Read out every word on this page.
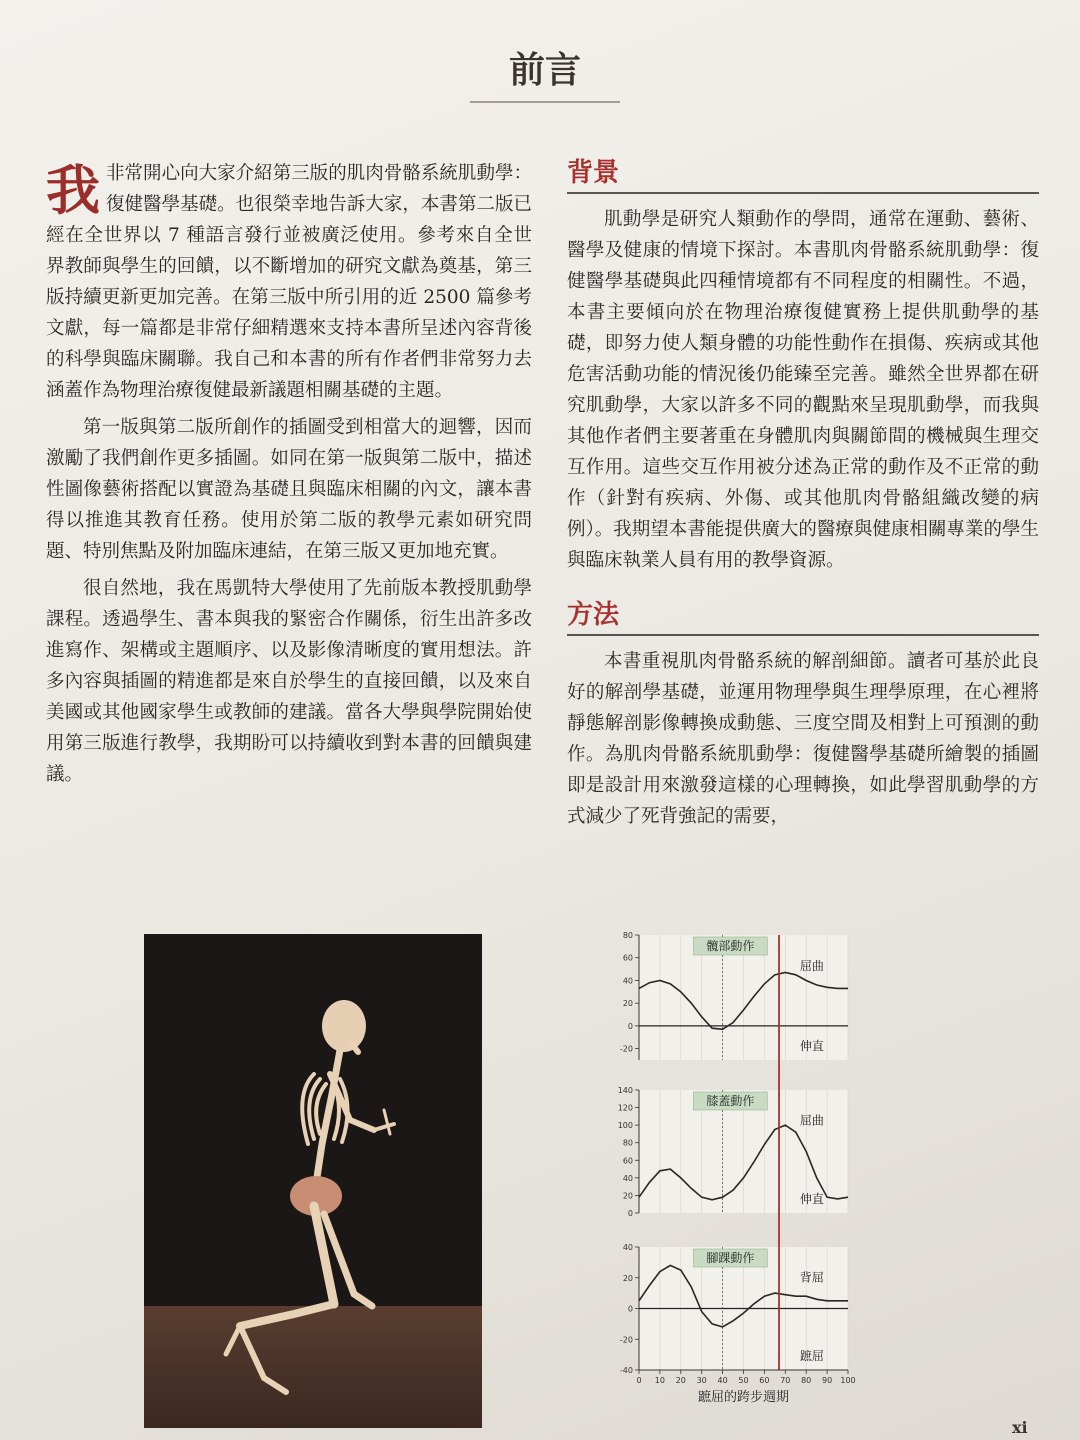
前言

我 非常開心向大家介紹第三版的肌肉骨骼系統肌動學：復健醫學基礎。也很榮幸地告訴大家，本書第二版已經在全世界以 7 種語言發行並被廣泛使用。參考來自全世界教師與學生的回饋，以不斷增加的研究文獻為奠基，第三版持續更新更加完善。在第三版中所引用的近 2500 篇參考文獻，每一篇都是非常仔細精選來支持本書所呈述內容背後的科學與臨床關聯。我自己和本書的所有作者們非常努力去涵蓋作為物理治療復健最新議題相關基礎的主題。

第一版與第二版所創作的插圖受到相當大的迴響，因而激勵了我們創作更多插圖。如同在第一版與第二版中，描述性圖像藝術搭配以實證為基礎且與臨床相關的內文，讓本書得以推進其教育任務。使用於第二版的教學元素如研究問題、特別焦點及附加臨床連結，在第三版又更加地充實。

很自然地，我在馬凱特大學使用了先前版本教授肌動學課程。透過學生、書本與我的緊密合作關係，衍生出許多改進寫作、架構或主題順序、以及影像清晰度的實用想法。許多內容與插圖的精進都是來自於學生的直接回饋，以及來自美國或其他國家學生或教師的建議。當各大學與學院開始使用第三版進行教學，我期盼可以持續收到對本書的回饋與建議。

背景

肌動學是研究人類動作的學問，通常在運動、藝術、醫學及健康的情境下探討。本書肌肉骨骼系統肌動學：復健醫學基礎與此四種情境都有不同程度的相關性。不過，本書主要傾向於在物理治療復健實務上提供肌動學的基礎，即努力使人類身體的功能性動作在損傷、疾病或其他危害活動功能的情況後仍能臻至完善。雖然全世界都在研究肌動學，大家以許多不同的觀點來呈現肌動學，而我與其他作者們主要著重在身體肌肉與關節間的機械與生理交互作用。這些交互作用被分述為正常的動作及不正常的動作（針對有疾病、外傷、或其他肌肉骨骼組織改變的病例）。我期望本書能提供廣大的醫療與健康相關專業的學生與臨床執業人員有用的教學資源。

方法

本書重視肌肉骨骼系統的解剖細節。讀者可基於此良好的解剖學基礎，並運用物理學與生理學原理，在心裡將靜態解剖影像轉換成動態、三度空間及相對上可預測的動作。為肌肉骨骼系統肌動學：復健醫學基礎所繪製的插圖即是設計用來激發這樣的心理轉換，如此學習肌動學的方式減少了死背強記的需要，

-20
0
20
40
60
80
髖部動作
屈曲
伸直
0
20
40
60
80
100
120
140
膝蓋動作
屈曲
伸直
-40
-20
0
20
40
腳踝動作
背屈
蹠屈
0 10 20 30 40 50 60 70 80 90 100
蹠屈的跨步週期
xi
